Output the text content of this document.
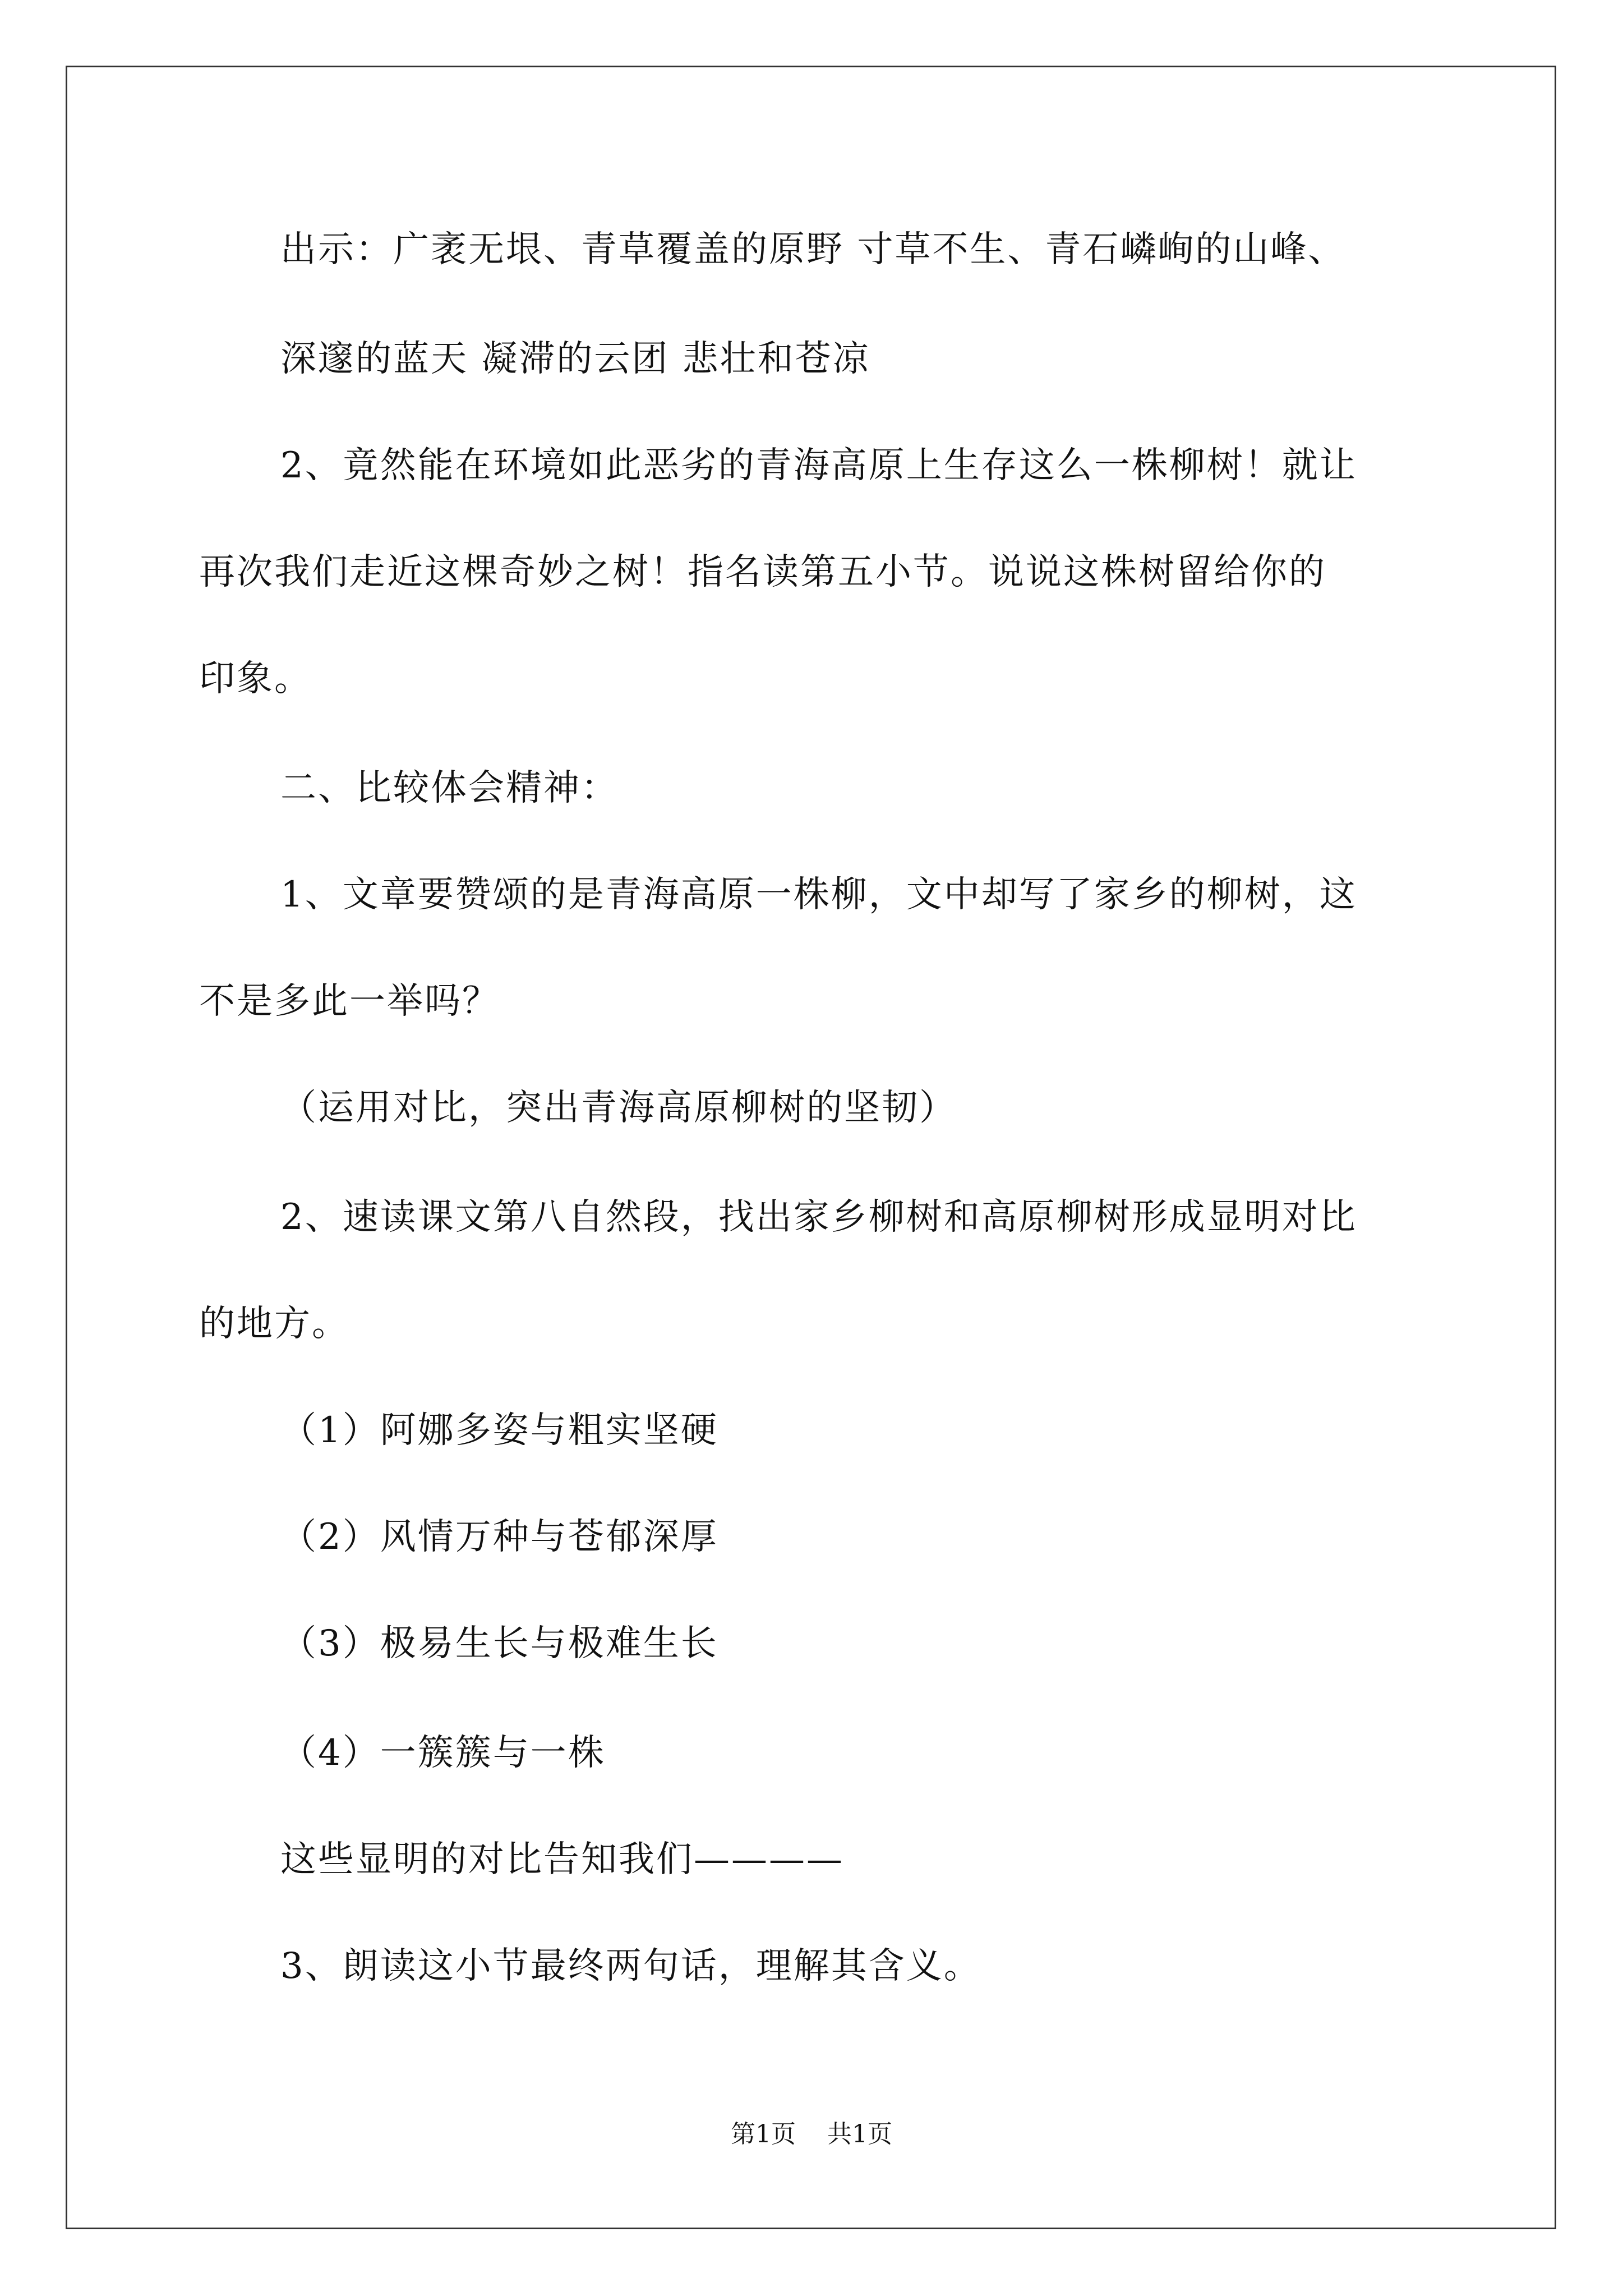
出示：广袤无垠、青草覆盖的原野 寸草不生、青石嶙峋的山峰、
深邃的蓝天 凝滞的云团 悲壮和苍凉
2、竟然能在环境如此恶劣的青海高原上生存这么一株柳树！就让
再次我们走近这棵奇妙之树！指名读第五小节。说说这株树留给你的
印象。
二、比较体会精神：
1、文章要赞颂的是青海高原一株柳，文中却写了家乡的柳树，这
不是多此一举吗？
（运用对比，突出青海高原柳树的坚韧）
2、速读课文第八自然段，找出家乡柳树和高原柳树形成显明对比
的地方。
（1）阿娜多姿与粗实坚硬
（2）风情万种与苍郁深厚
（3）极易生长与极难生长
（4）一簇簇与一株
这些显明的对比告知我们————
3、朗读这小节最终两句话，理解其含义。
第1页 共1页
